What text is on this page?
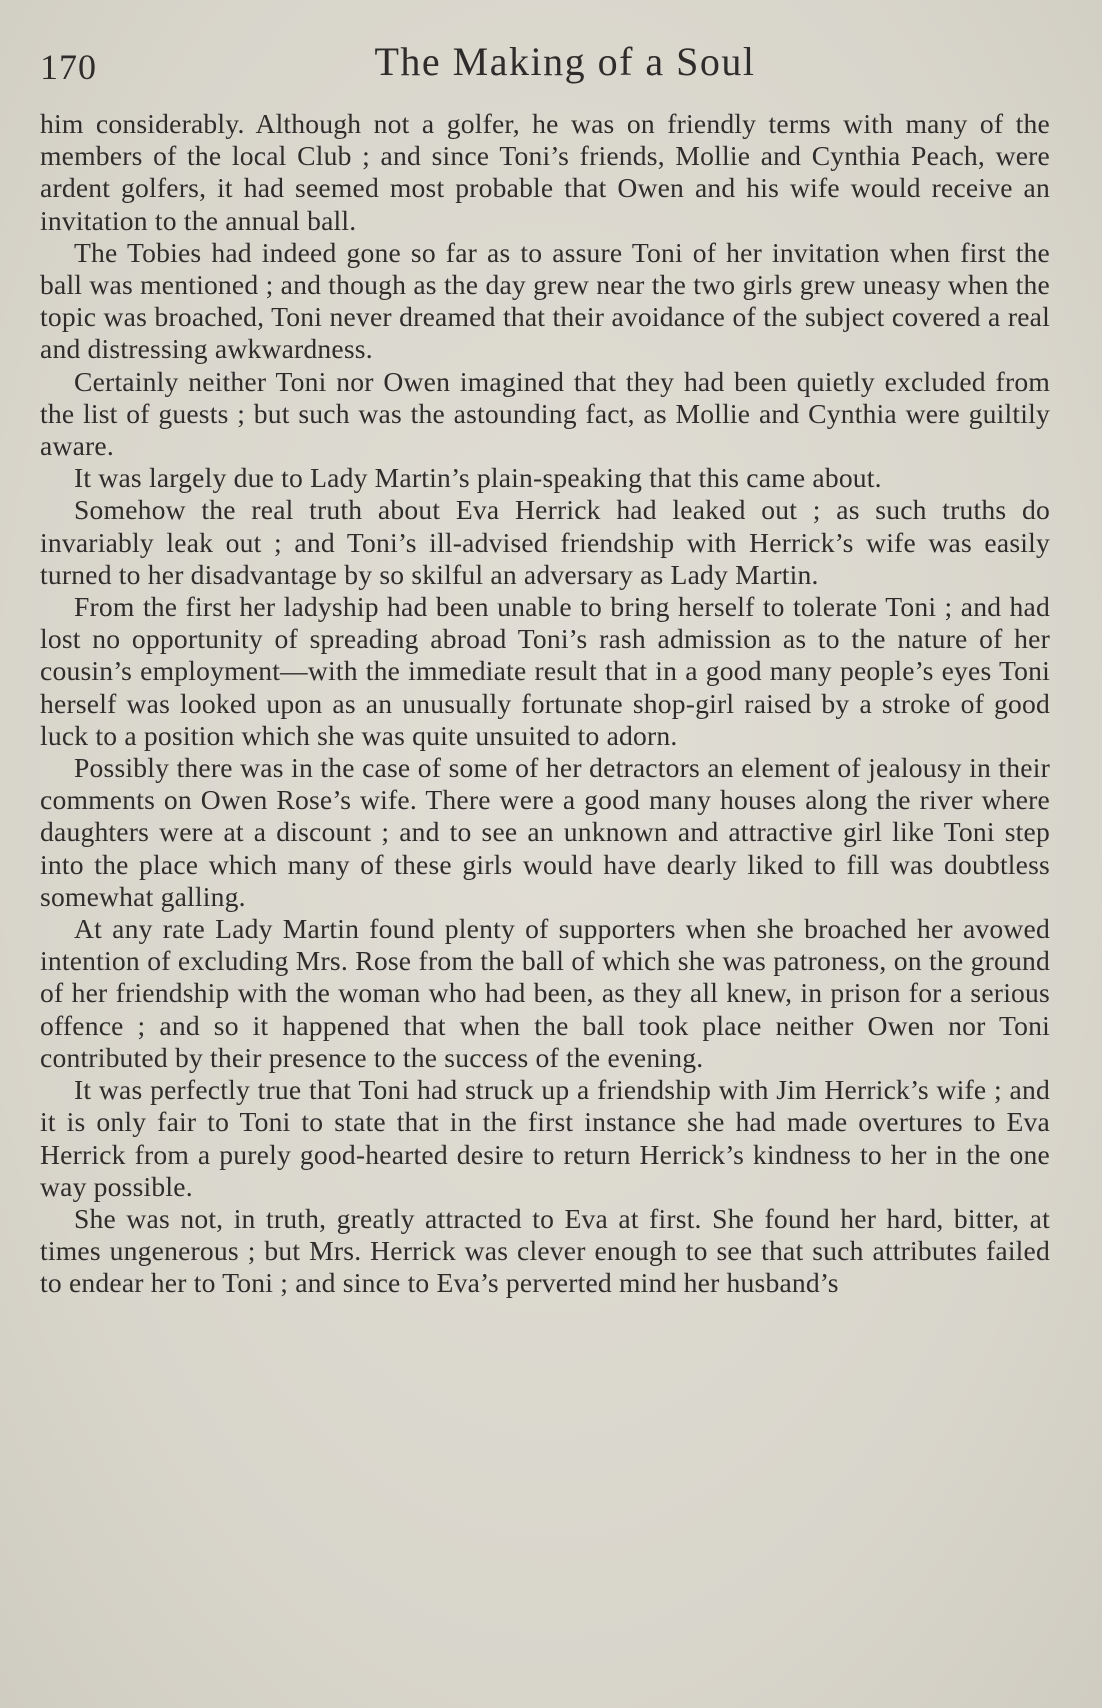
170	The Making of a Soul

him considerably. Although not a golfer, he was on friendly terms with many of the members of the local Club ; and since Toni’s friends, Mollie and Cynthia Peach, were ardent golfers, it had seemed most probable that Owen and his wife would receive an invitation to the annual ball.

The Tobies had indeed gone so far as to assure Toni of her invitation when first the ball was mentioned ; and though as the day grew near the two girls grew uneasy when the topic was broached, Toni never dreamed that their avoidance of the subject covered a real and distressing awkwardness.

Certainly neither Toni nor Owen imagined that they had been quietly excluded from the list of guests ; but such was the astounding fact, as Mollie and Cynthia were guiltily aware.

It was largely due to Lady Martin’s plain-speaking that this came about.

Somehow the real truth about Eva Herrick had leaked out ; as such truths do invariably leak out ; and Toni’s ill-advised friendship with Herrick’s wife was easily turned to her disadvantage by so skilful an adversary as Lady Martin.

From the first her ladyship had been unable to bring herself to tolerate Toni ; and had lost no opportunity of spreading abroad Toni’s rash admission as to the nature of her cousin’s employment—with the immediate result that in a good many people’s eyes Toni herself was looked upon as an unusually fortunate shop-girl raised by a stroke of good luck to a position which she was quite unsuited to adorn.

Possibly there was in the case of some of her detractors an element of jealousy in their comments on Owen Rose’s wife. There were a good many houses along the river where daughters were at a discount ; and to see an unknown and attractive girl like Toni step into the place which many of these girls would have dearly liked to fill was doubtless somewhat galling.

At any rate Lady Martin found plenty of supporters when she broached her avowed intention of excluding Mrs. Rose from the ball of which she was patroness, on the ground of her friendship with the woman who had been, as they all knew, in prison for a serious offence ; and so it happened that when the ball took place neither Owen nor Toni contributed by their presence to the success of the evening.

It was perfectly true that Toni had struck up a friendship with Jim Herrick’s wife ; and it is only fair to Toni to state that in the first instance she had made overtures to Eva Herrick from a purely good-hearted desire to return Herrick’s kindness to her in the one way possible.

She was not, in truth, greatly attracted to Eva at first. She found her hard, bitter, at times ungenerous ; but Mrs. Herrick was clever enough to see that such attributes failed to endear her to Toni ; and since to Eva’s perverted mind her husband’s
